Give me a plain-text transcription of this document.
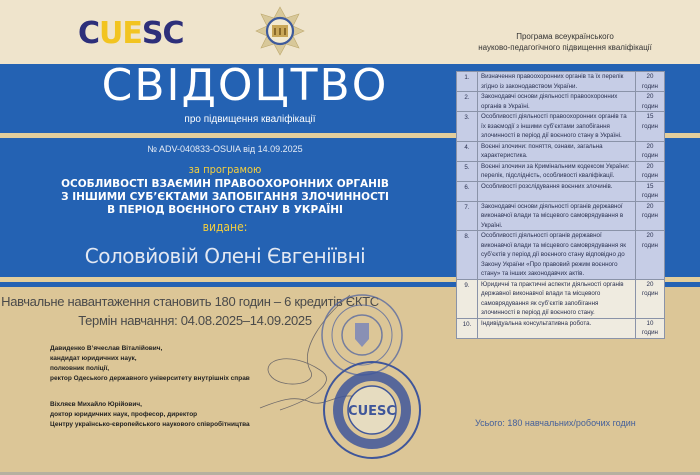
CUESC
СВІДОЦТВО
про підвищення кваліфікації
№ ADV-040833-OSUIA від 14.09.2025
за програмою
ОСОБЛИВОСТІ ВЗАЄМИН ПРАВООХОРОННИХ ОРГАНІВ
З ІНШИМИ СУБ’ЄКТАМИ ЗАПОБІГАННЯ ЗЛОЧИННОСТІ
В ПЕРІОД ВОЄННОГО СТАНУ В УКРАЇНІ
видане:
Соловйовій Олені Євгеніївні
Навчальне навантаження становить 180 годин – 6 кредитів ЄКТС
Термін навчання: 04.08.2025–14.09.2025
Давиденко В’ячеслав Віталійович,
кандидат юридичних наук,
полковник поліції,
ректор Одеського державного університету внутрішніх справ
Віхляєв Михайло Юрійович,
доктор юридичних наук, професор, директор
Центру українсько-європейського наукового співробітництва
CUESC
Програма всеукраїнського
науково-педагогічного підвищення кваліфікації
1.	Визначення правоохоронних органів та їх перелік згідно із законодавством України.	20
годин

2.	Законодавчі основи діяльності правоохоронних органів в Україні.	20
годин

3.	Особливості діяльності правоохоронних органів та їх взаємодії з іншими суб’єктами запобігання злочинності в період дії воєнного стану в Україні.	15
годин

4.	Воєнні злочини: поняття, ознаки, загальна характеристика.	20
годин

5.	Воєнні злочини за Кримінальним кодексом України: перелік, підслідність, особливості кваліфікації.	20
годин

6.	Особливості розслідування воєнних злочинів.	15
годин

7.	Законодавчі основи діяльності органів державної виконавчої влади та місцевого самоврядування в Україні.	20
годин

8.	Особливості діяльності органів державної виконавчої влади та місцевого самоврядування як суб’єктів у період дії воєнного стану відповідно до Закону України «Про правовий режим воєнного стану» та інших законодавчих актів.	20
годин

9.	Юридичні та практичні аспекти діяльності органів державної виконавчої влади та місцевого самоврядування як суб’єктів запобігання злочинності в період дії воєнного стану.	20
годин

10.	Індивідуальна консультативна робота.	10
годин
Усього: 180 навчальних/робочих годин
